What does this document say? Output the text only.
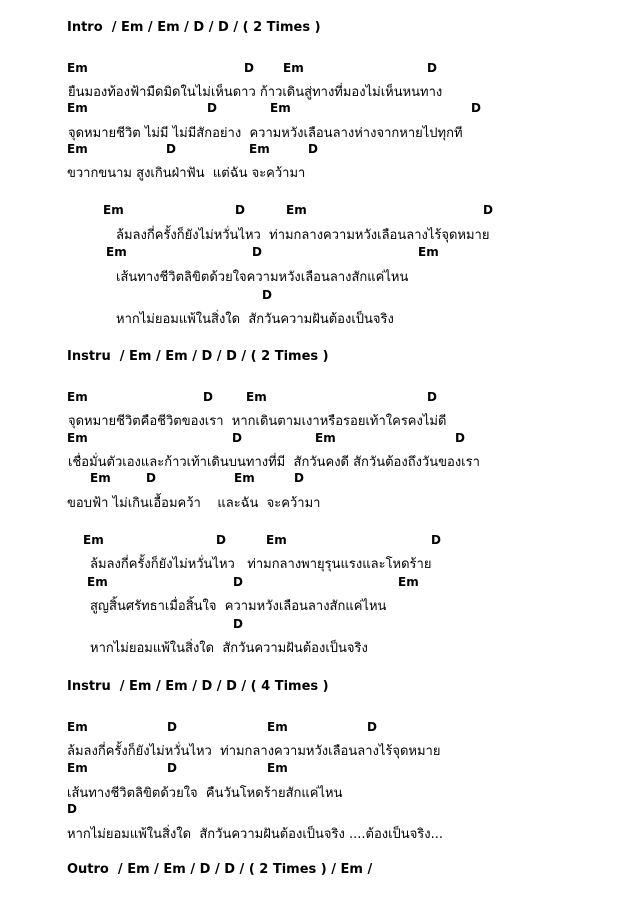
Intro  / Em / Em / D / D / ( 2 Times )
Em	D Em	D
ยืนมองท้องฟ้ามืดมิดในไม่เห็นดาว ก้าวเดินสู่ทางที่มองไม่เห็นหนทาง
Em	D	Em	D
จุดหมายชีวิต ไม่มี ไม่มีสักอย่าง  ความหวังเลือนลางห่างจากหายไปทุกที
Em	D	Em	D
ขวากขนาม สูงเกินฝ่าฟัน  แต่ฉัน จะคว้ามา
Em	D	Em	D
ล้มลงกี่ครั้งก็ยังไม่หวั่นไหว  ท่ามกลางความหวังเลือนลางไร้จุดหมาย
Em	D	Em
เส้นทางชีวิตลิขิตด้วยใจความหวังเลือนลางสักแค่ไหน
D
หากไม่ยอมแพ้ในสิ่งใด  สักวันความฝันต้องเป็นจริง
Instru  / Em / Em / D / D / ( 2 Times )
Em	D	Em	D
จุดหมายชีวิตคือชีวิตของเรา  หากเดินตามเงาหรือรอยเท้าใครคงไม่ดี
Em	D	Em	D
เชื่อมั่นตัวเองและก้าวเท้าเดินบนทางที่มี  สักวันคงดี สักวันต้องถึงวันของเรา
Em	D	Em	D
ขอบฟ้า ไม่เกินเอื้อมคว้า    และฉัน  จะคว้ามา
Em	D	Em	D
ล้มลงกี่ครั้งก็ยังไม่หวั่นไหว   ท่ามกลางพายุรุนแรงและโหดร้าย
Em	D	Em
สูญสิ้นศรัทธาเมื่อสิ้นใจ  ความหวังเลือนลางสักแค่ไหน
D
หากไม่ยอมแพ้ในสิ่งใด  สักวันความฝันต้องเป็นจริง
Instru  / Em / Em / D / D / ( 4 Times )
Em	D	Em	D
ล้มลงกี่ครั้งก็ยังไม่หวั่นไหว  ท่ามกลางความหวังเลือนลางไร้จุดหมาย
Em	D	Em
เส้นทางชีวิตลิขิตด้วยใจ  คืนวันโหดร้ายสักแค่ไหน
D
หากไม่ยอมแพ้ในสิ่งใด  สักวันความฝันต้องเป็นจริง ....ต้องเป็นจริง...
Outro  / Em / Em / D / D / ( 2 Times ) / Em /
